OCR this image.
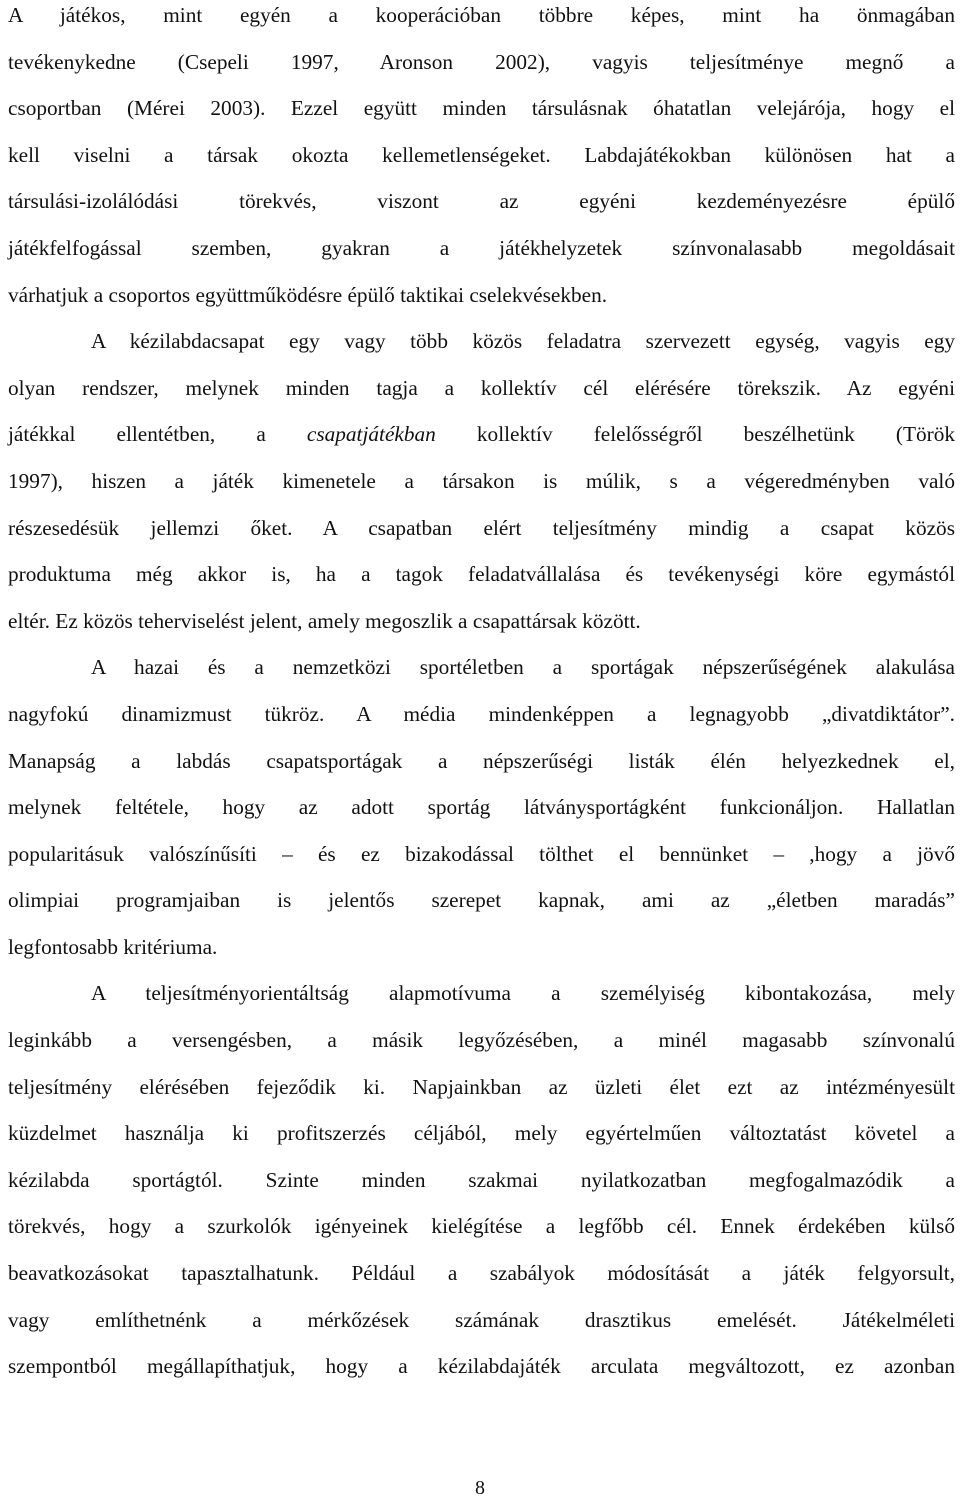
A játékos, mint egyén a kooperációban többre képes, mint ha önmagában
tevékenykedne (Csepeli 1997, Aronson 2002), vagyis teljesítménye megnő a
csoportban (Mérei 2003). Ezzel együtt minden társulásnak óhatatlan velejárója, hogy el
kell viselni a társak okozta kellemetlenségeket. Labdajátékokban különösen hat a
társulási-izolálódási törekvés, viszont az egyéni kezdeményezésre épülő
játékfelfogással szemben, gyakran a játékhelyzetek színvonalasabb megoldásait
várhatjuk a csoportos együttműködésre épülő taktikai cselekvésekben.
A kézilabdacsapat egy vagy több közös feladatra szervezett egység, vagyis egy
olyan rendszer, melynek minden tagja a kollektív cél elérésére törekszik. Az egyéni
játékkal ellentétben, a csapatjátékban kollektív felelősségről beszélhetünk (Török
1997), hiszen a játék kimenetele a társakon is múlik, s a végeredményben való
részesedésük jellemzi őket. A csapatban elért teljesítmény mindig a csapat közös
produktuma még akkor is, ha a tagok feladatvállalása és tevékenységi köre egymástól
eltér. Ez közös teherviselést jelent, amely megoszlik a csapattársak között.
A hazai és a nemzetközi sportéletben a sportágak népszerűségének alakulása
nagyfokú dinamizmust tükröz. A média mindenképpen a legnagyobb „divatdiktátor”.
Manapság a labdás csapatsportágak a népszerűségi listák élén helyezkednek el,
melynek feltétele, hogy az adott sportág látványsportágként funkcionáljon. Hallatlan
popularitásuk valószínűsíti – és ez bizakodással tölthet el bennünket – ,hogy a jövő
olimpiai programjaiban is jelentős szerepet kapnak, ami az „életben maradás”
legfontosabb kritériuma.
A teljesítményorientáltság alapmotívuma a személyiség kibontakozása, mely
leginkább a versengésben, a másik legyőzésében, a minél magasabb színvonalú
teljesítmény elérésében fejeződik ki. Napjainkban az üzleti élet ezt az intézményesült
küzdelmet használja ki profitszerzés céljából, mely egyértelműen változtatást követel a
kézilabda sportágtól. Szinte minden szakmai nyilatkozatban megfogalmazódik a
törekvés, hogy a szurkolók igényeinek kielégítése a legfőbb cél. Ennek érdekében külső
beavatkozásokat tapasztalhatunk. Például a szabályok módosítását a játék felgyorsult,
vagy említhetnénk a mérkőzések számának drasztikus emelését. Játékelméleti
szempontból megállapíthatjuk, hogy a kézilabdajáték arculata megváltozott, ez azonban
8
